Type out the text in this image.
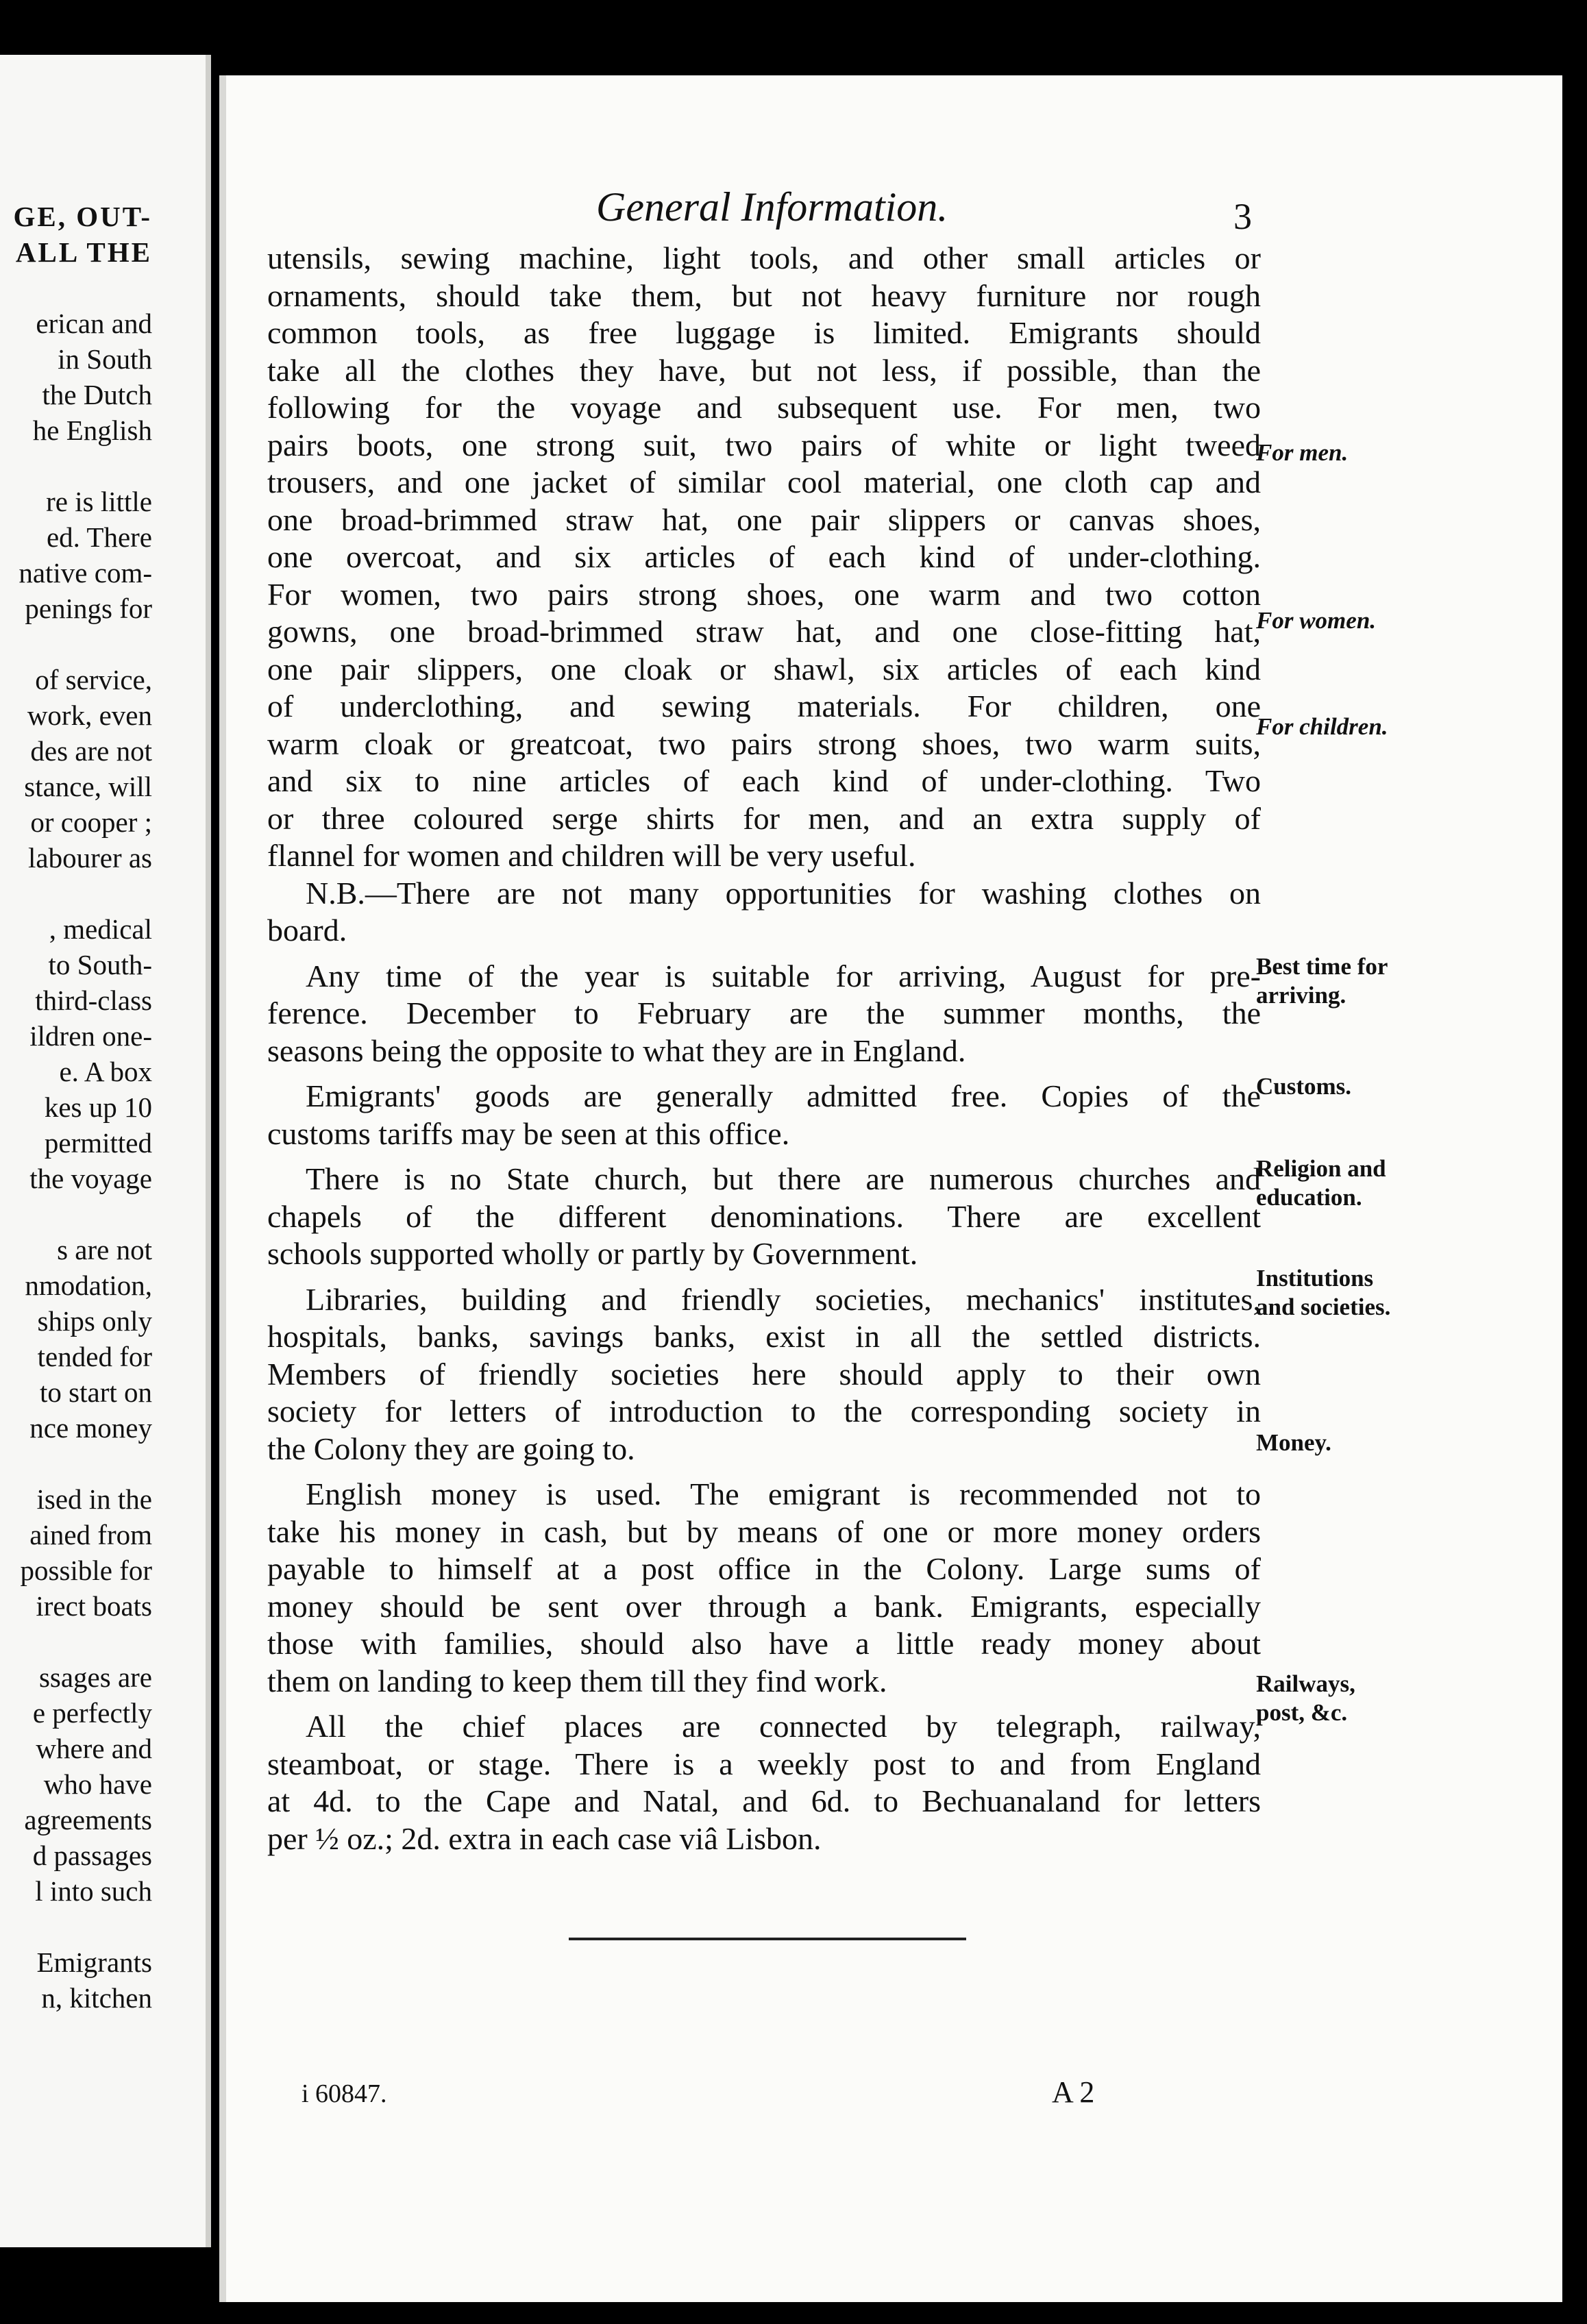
GE, OUT-
ALL THE
erican and
in South
the Dutch
he English
re is little
ed. There
native com-
penings for
of service,
work, even
des are not
stance, will
or cooper ;
labourer as
, medical
to South-
third-class
ildren one-
e. A box
kes up 10
permitted
the voyage
s are not
nmodation,
ships only
tended for
to start on
nce money
ised in the
ained from
possible for
irect boats
ssages are
e perfectly
where and
who have
agreements
d passages
l into such
Emigrants
n, kitchen
General Information.	3
utensils, sewing machine, light tools, and other small articles or
ornaments, should take them, but not heavy furniture nor rough
common tools, as free luggage is limited. Emigrants should
take all the clothes they have, but not less, if possible, than the
following for the voyage and subsequent use. For men, two
pairs boots, one strong suit, two pairs of white or light tweed
trousers, and one jacket of similar cool material, one cloth cap and
one broad-brimmed straw hat, one pair slippers or canvas shoes,
one overcoat, and six articles of each kind of under-clothing.
For women, two pairs strong shoes, one warm and two cotton
gowns, one broad-brimmed straw hat, and one close-fitting hat,
one pair slippers, one cloak or shawl, six articles of each kind
of underclothing, and sewing materials. For children, one
warm cloak or greatcoat, two pairs strong shoes, two warm suits,
and six to nine articles of each kind of under-clothing. Two
or three coloured serge shirts for men, and an extra supply of
flannel for women and children will be very useful.
N.B.—There are not many opportunities for washing clothes on
board.
Any time of the year is suitable for arriving, August for pre-
ference. December to February are the summer months, the
seasons being the opposite to what they are in England.
Emigrants' goods are generally admitted free. Copies of the
customs tariffs may be seen at this office.
There is no State church, but there are numerous churches and
chapels of the different denominations. There are excellent
schools supported wholly or partly by Government.
Libraries, building and friendly societies, mechanics' institutes,
hospitals, banks, savings banks, exist in all the settled districts.
Members of friendly societies here should apply to their own
society for letters of introduction to the corresponding society in
the Colony they are going to.
English money is used. The emigrant is recommended not to
take his money in cash, but by means of one or more money orders
payable to himself at a post office in the Colony. Large sums of
money should be sent over through a bank. Emigrants, especially
those with families, should also have a little ready money about
them on landing to keep them till they find work.
All the chief places are connected by telegraph, railway,
steamboat, or stage. There is a weekly post to and from England
at 4d. to the Cape and Natal, and 6d. to Bechuanaland for letters
per ½ oz.; 2d. extra in each case viâ Lisbon.
For men.
For women.
For children.
Best time for
arriving.
Customs.
Religion and
education.
Institutions
and societies.
Money.
Railways,
post, &c.
i 60847.	A 2
